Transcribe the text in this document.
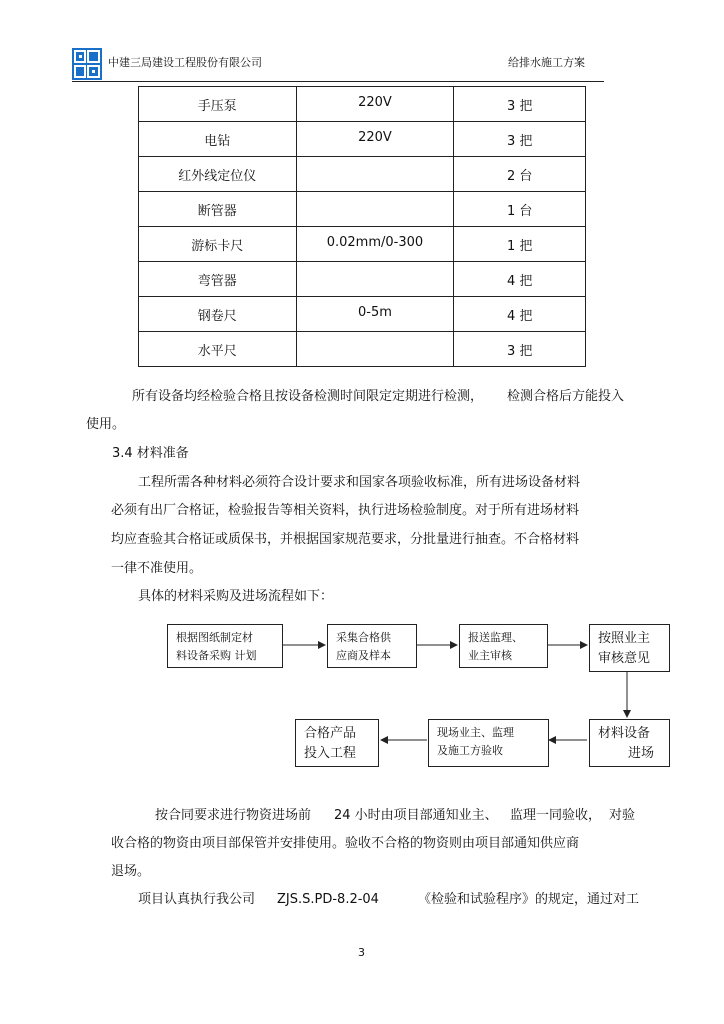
中建三局建设工程股份有限公司	给排水施工方案
手压泵	220V	3 把
电钻	220V	3 把
红外线定位仪		2 台
断管器		1 台
游标卡尺	0.02mm/0-300	1 把
弯管器		4 把
钢卷尺	0-5m	4 把
水平尺		3 把
所有设备均经检验合格且按设备检测时间限定定期进行检测， 检测合格后方能投入
使用。
3.4 材料准备
工程所需各种材料必须符合设计要求和国家各项验收标准，所有进场设备材料
必须有出厂合格证，检验报告等相关资料，执行进场检验制度。对于所有进场材料
均应查验其合格证或质保书，并根据国家规范要求，分批量进行抽查。不合格材料
一律不准使用。
具体的材料采购及进场流程如下：
根据图纸制定材
料设备采购 计划
采集合格供
应商及样本
报送监理、
业主审核
按照业主
审核意见
材料设备
进场
现场业主、监理
及施工方验收
合格产品
投入工程
按合同要求进行物资进场前 24 小时由项目部通知业主、 监理一同验收， 对验
收合格的物资由项目部保管并安排使用。验收不合格的物资则由项目部通知供应商
退场。
项目认真执行我公司 ZJS.S.PD-8.2-04	《检验和试验程序》的规定，通过对工
3
